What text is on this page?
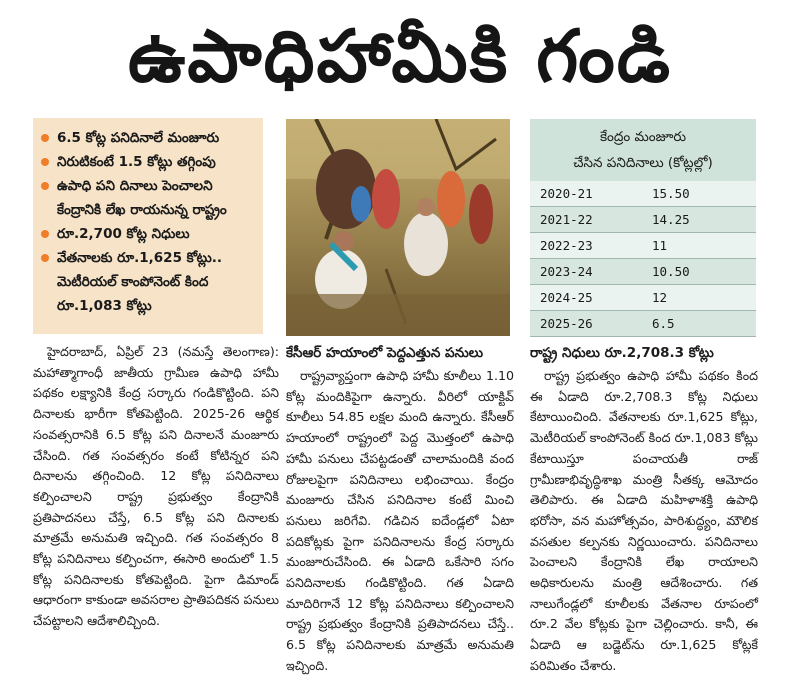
ఉపాధిహామీకి గండి
6.5 కోట్ల పనిదినాలే మంజూరు
నిరుటికంటే 1.5 కోట్లు తగ్గింపు
ఉపాధి పని దినాలు పెంచాలని కేంద్రానికి లేఖ రాయనున్న రాష్ట్రం
రూ.2,700 కోట్ల నిధులు
వేతనాలకు రూ.1,625 కోట్లు.. మెటీరియల్ కాంపోనెంట్ కింద రూ.1,083 కోట్లు
కేంద్రం మంజూరు
చేసిన పనిదినాలు (కోట్లల్లో)
2020-21	15.50
2021-22	14.25
2022-23	11
2023-24	10.50
2024-25	12
2025-26	6.5

హైదరాబాద్, ఏప్రిల్ 23 (నమస్తే తెలంగాణ): మహాత్మాగాంధీ జాతీయ గ్రామీణ ఉపాధి హామీ పథకం లక్ష్యానికి కేంద్ర సర్కారు గండికొట్టింది. పని దినాలకు భారీగా కోతపెట్టింది. 2025-26 ఆర్థిక సంవత్సరానికి 6.5 కోట్ల పని దినాలనే మంజూరు చేసింది. గత సంవత్సరం కంటే కోటిన్నర పని దినాలను తగ్గించింది. 12 కోట్ల పనిదినాలు కల్పించాలని రాష్ట్ర ప్రభుత్వం కేంద్రానికి ప్రతిపాదనలు చేస్తే, 6.5 కోట్ల పని దినాలకు మాత్రమే అనుమతి ఇచ్చింది. గత సంవత్సరం 8 కోట్ల పనిదినాలు కల్పించగా, ఈసారి అందులో 1.5 కోట్ల పనిదినాలకు కోతపెట్టింది. పైగా డిమాండ్ ఆధారంగా కాకుండా అవసరాల ప్రాతిపదికన పనులు చేపట్టాలని ఆదేశాలిచ్చింది.

కేసీఆర్ హయాంలో పెద్దఎత్తున పనులు

రాష్ట్రవ్యాప్తంగా ఉపాధి హామీ కూలీలు 1.10 కోట్ల మందికిపైగా ఉన్నారు. వీరిలో యాక్టివ్ కూలీలు 54.85 లక్షల మంది ఉన్నారు. కేసీఆర్ హయాంలో రాష్ట్రంలో పెద్ద మొత్తంలో ఉపాధి హామీ పనులు చేపట్టడంతో చాలామందికి వంద రోజులపైగా పనిదినాలు లభించాయి. కేంద్రం మంజూరు చేసిన పనిదినాల కంటే మించి పనులు జరిగేవి. గడిచిన ఐదేండ్లలో ఏటా పదికోట్లకు పైగా పనిదినాలను కేంద్ర సర్కారు మంజూరుచేసింది. ఈ ఏడాది ఒకేసారి సగం పనిదినాలకు గండికొట్టింది. గత ఏడాది మాదిరిగానే 12 కోట్ల పనిదినాలు కల్పించాలని రాష్ట్ర ప్రభుత్వం కేంద్రానికి ప్రతిపాదనలు చేస్తే.. 6.5 కోట్ల పనిదినాలకు మాత్రమే అనుమతి ఇచ్చింది.

రాష్ట్ర నిధులు రూ.2,708.3 కోట్లు

రాష్ట్ర ప్రభుత్వం ఉపాధి హామీ పథకం కింద ఈ ఏడాది రూ.2,708.3 కోట్ల నిధులు కేటాయించింది. వేతనాలకు రూ.1,625 కోట్లు, మెటీరియల్ కాంపోనెంట్ కింద రూ.1,083 కోట్లు కేటాయిస్తూ పంచాయతీ రాజ్ గ్రామీణాభివృద్ధిశాఖ మంత్రి సీతక్క ఆమోదం తెలిపారు. ఈ ఏడాది మహిళాశక్తి ఉపాధి భరోసా, వన మహోత్సవం, పారిశుద్ధ్యం, మౌలిక వసతుల కల్పనకు నిర్ణయించారు. పనిదినాలు పెంచాలని కేంద్రానికి లేఖ రాయాలని అధికారులను మంత్రి ఆదేశించారు. గత నాలుగేండ్లలో కూలీలకు వేతనాల రూపంలో రూ.2 వేల కోట్లకు పైగా చెల్లించారు. కానీ, ఈ ఏడాది ఆ బడ్జెట్‌ను రూ.1,625 కోట్లకే పరిమితం చేశారు.
